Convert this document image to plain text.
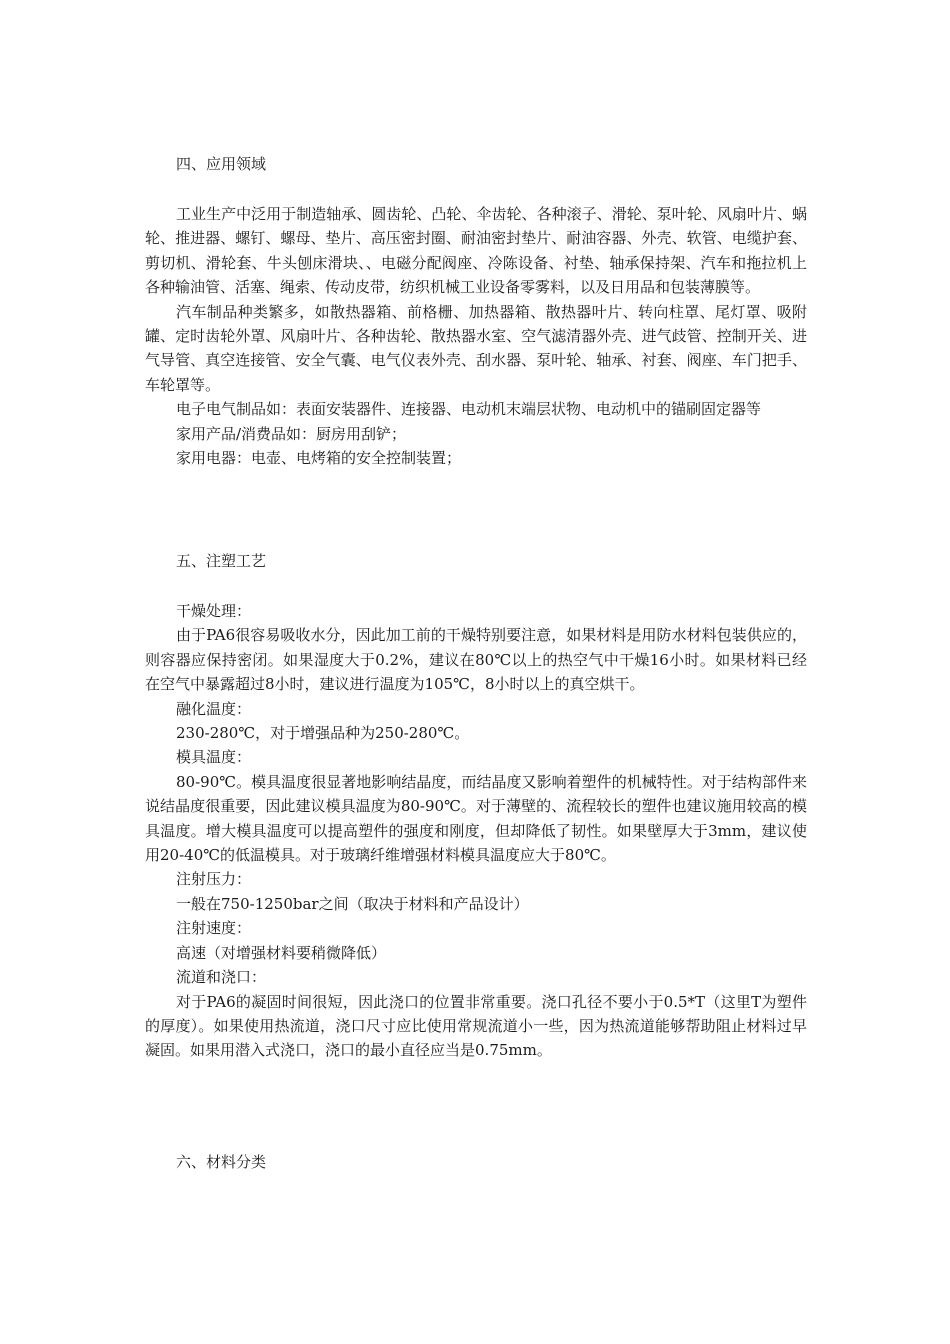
四、应用领域

工业生产中泛用于制造轴承、圆齿轮、凸轮、伞齿轮、各种滚子、滑轮、泵叶轮、风扇叶片、蜗轮、推进器、螺钉、螺母、垫片、高压密封圈、耐油密封垫片、耐油容器、外壳、软管、电缆护套、剪切机、滑轮套、牛头刨床滑块、、电磁分配阀座、冷陈设备、衬垫、轴承保持架、汽车和拖拉机上各种输油管、活塞、绳索、传动皮带，纺织机械工业设备零雾料，以及日用品和包装薄膜等。

汽车制品种类繁多，如散热器箱、前格栅、加热器箱、散热器叶片、转向柱罩、尾灯罩、吸附罐、定时齿轮外罩、风扇叶片、各种齿轮、散热器水室、空气滤清器外壳、进气歧管、控制开关、进气导管、真空连接管、安全气囊、电气仪表外壳、刮水器、泵叶轮、轴承、衬套、阀座、车门把手、车轮罩等。

电子电气制品如：表面安装器件、连接器、电动机末端层状物、电动机中的锚刷固定器等

家用产品/消费品如：厨房用刮铲；

家用电器：电壶、电烤箱的安全控制装置；

五、注塑工艺

干燥处理：

由于PA6很容易吸收水分，因此加工前的干燥特别要注意，如果材料是用防水材料包装供应的，则容器应保持密闭。如果湿度大于0.2%，建议在80℃以上的热空气中干燥16小时。如果材料已经在空气中暴露超过8小时，建议进行温度为105℃，8小时以上的真空烘干。

融化温度：

230-280℃，对于增强品种为250-280℃。

模具温度：

80-90℃。模具温度很显著地影响结晶度，而结晶度又影响着塑件的机械特性。对于结构部件来说结晶度很重要，因此建议模具温度为80-90℃。对于薄壁的、流程较长的塑件也建议施用较高的模具温度。增大模具温度可以提高塑件的强度和刚度，但却降低了韧性。如果壁厚大于3mm，建议使用20-40℃的低温模具。对于玻璃纤维增强材料模具温度应大于80℃。

注射压力：

一般在750-1250bar之间（取决于材料和产品设计）

注射速度：

高速（对增强材料要稍微降低）

流道和浇口：

对于PA6的凝固时间很短，因此浇口的位置非常重要。浇口孔径不要小于0.5*T（这里T为塑件的厚度）。如果使用热流道，浇口尺寸应比使用常规流道小一些，因为热流道能够帮助阻止材料过早凝固。如果用潜入式浇口，浇口的最小直径应当是0.75mm。

六、材料分类
